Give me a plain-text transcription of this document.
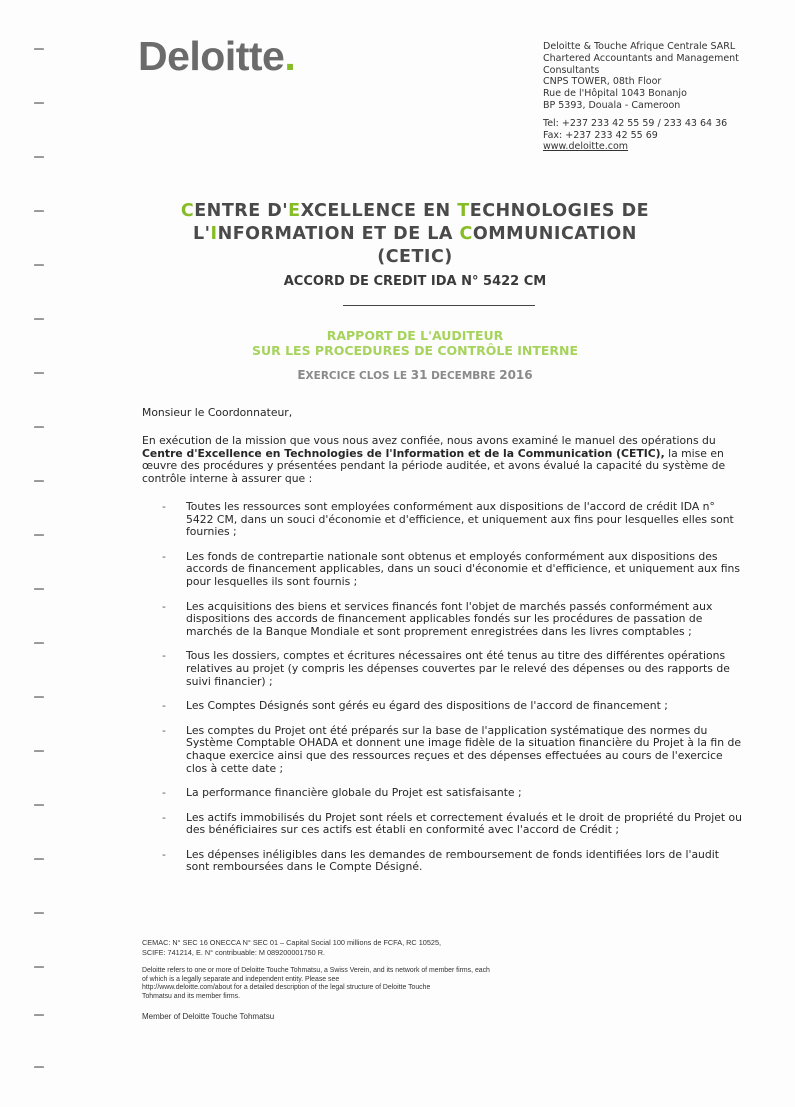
Deloitte.	Deloitte & Touche Afrique Centrale SARL
Chartered Accountants and Management
Consultants
CNPS TOWER, 08th Floor
Rue de l'Hôpital 1043 Bonanjo
BP 5393, Douala - Cameroon
Tel: +237 233 42 55 59 / 233 43 64 36
Fax: +237 233 42 55 69
www.deloitte.com
CENTRE D'EXCELLENCE EN TECHNOLOGIES DE
L'INFORMATION ET DE LA COMMUNICATION
(CETIC)
ACCORD DE CREDIT IDA N° 5422 CM
RAPPORT DE L'AUDITEUR
SUR LES PROCEDURES DE CONTRÔLE INTERNE
EXERCICE CLOS LE 31 DECEMBRE 2016
Monsieur le Coordonnateur,
En exécution de la mission que vous nous avez confiée, nous avons examiné le manuel des opérations du Centre d'Excellence en Technologies de l'Information et de la Communication (CETIC), la mise en œuvre des procédures y présentées pendant la période auditée, et avons évalué la capacité du système de contrôle interne à assurer que :
- Toutes les ressources sont employées conformément aux dispositions de l'accord de crédit IDA n° 5422 CM, dans un souci d'économie et d'efficience, et uniquement aux fins pour lesquelles elles sont fournies ;
- Les fonds de contrepartie nationale sont obtenus et employés conformément aux dispositions des accords de financement applicables, dans un souci d'économie et d'efficience, et uniquement aux fins pour lesquelles ils sont fournis ;
- Les acquisitions des biens et services financés font l'objet de marchés passés conformément aux dispositions des accords de financement applicables fondés sur les procédures de passation de marchés de la Banque Mondiale et sont proprement enregistrées dans les livres comptables ;
- Tous les dossiers, comptes et écritures nécessaires ont été tenus au titre des différentes opérations relatives au projet (y compris les dépenses couvertes par le relevé des dépenses ou des rapports de suivi financier) ;
- Les Comptes Désignés sont gérés eu égard des dispositions de l'accord de financement ;
- Les comptes du Projet ont été préparés sur la base de l'application systématique des normes du Système Comptable OHADA et donnent une image fidèle de la situation financière du Projet à la fin de chaque exercice ainsi que des ressources reçues et des dépenses effectuées au cours de l'exercice clos à cette date ;
- La performance financière globale du Projet est satisfaisante ;
- Les actifs immobilisés du Projet sont réels et correctement évalués et le droit de propriété du Projet ou des bénéficiaires sur ces actifs est établi en conformité avec l'accord de Crédit ;
- Les dépenses inéligibles dans les demandes de remboursement de fonds identifiées lors de l'audit sont remboursées dans le Compte Désigné.
CEMAC: N° SEC 16 ONECCA N° SEC 01 – Capital Social 100 millions de FCFA, RC 10525,
SCIFE: 741214, E. N° contribuable: M 089200001750 R.
Deloitte refers to one or more of Deloitte Touche Tohmatsu, a Swiss Verein, and its network of member firms, each
of which is a legally separate and independent entity. Please see
http://www.deloitte.com/about for a detailed description of the legal structure of Deloitte Touche
Tohmatsu and its member firms.
Member of Deloitte Touche Tohmatsu
